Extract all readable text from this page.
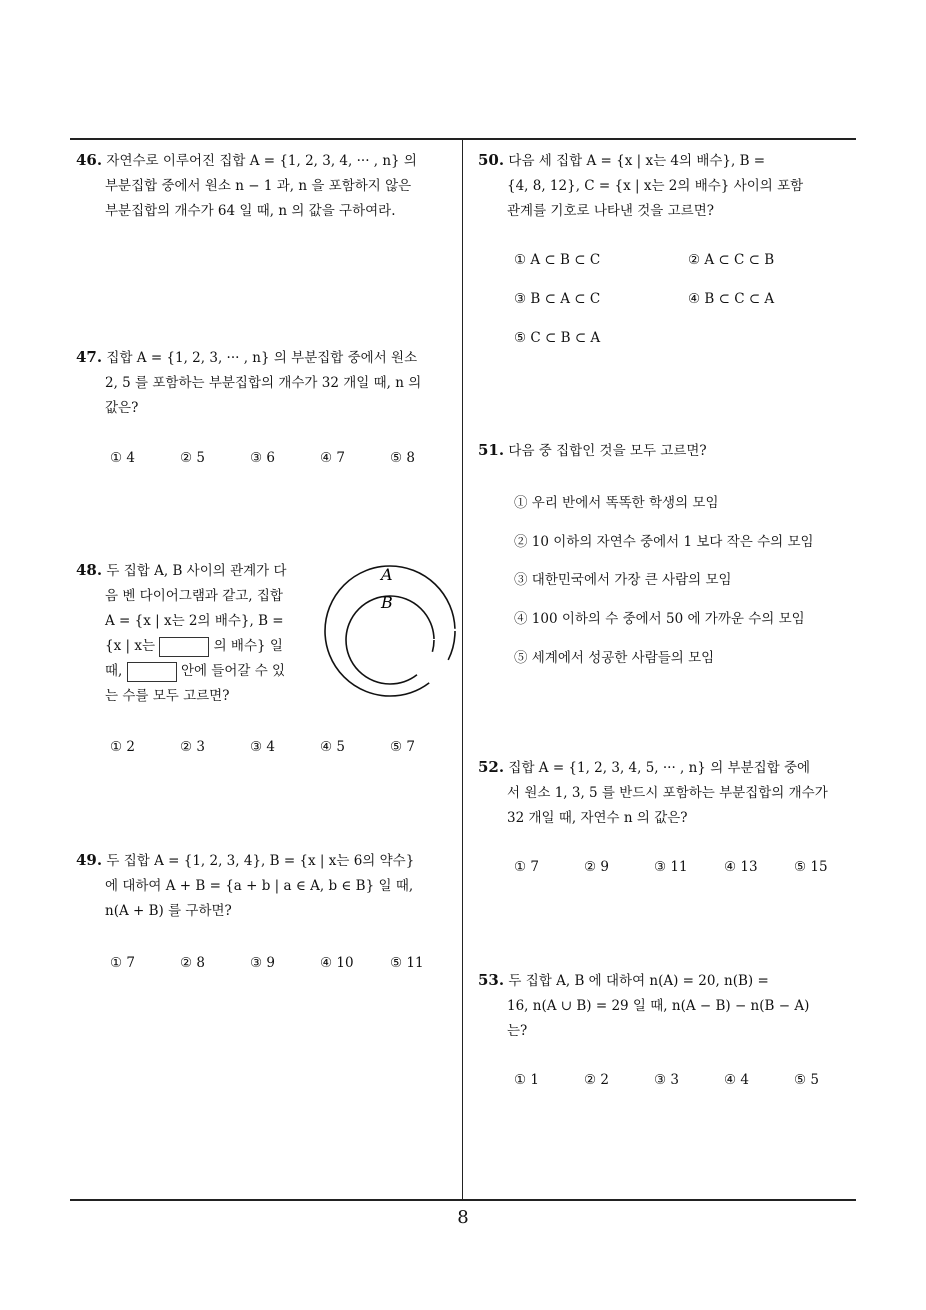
46. 자연수로 이루어진 집합 A = {1, 2, 3, 4, ··· , n} 의

부분집합 중에서 원소 n − 1 과, n 을 포함하지 않은

부분집합의 개수가 64 일 때, n 의 값을 구하여라.

47. 집합 A = {1, 2, 3, ··· , n} 의 부분집합 중에서 원소

2, 5 를 포함하는 부분집합의 개수가 32 개일 때, n 의

값은?

① 4	② 5	③ 6	④ 7	⑤ 8

48. 두 집합 A, B 사이의 관계가 다

음 벤 다이어그램과 같고, 집합

A = {x | x는 2의 배수}, B =

{x | x는	의 배수} 일

때,	안에 들어갈 수 있

는 수를 모두 고르면?

A
B
① 2	② 3	③ 4	④ 5	⑤ 7

49. 두 집합 A = {1, 2, 3, 4}, B = {x | x는 6의 약수}

에 대하여 A + B = {a + b | a ∈ A, b ∈ B} 일 때,

n(A + B) 를 구하면?

① 7	② 8	③ 9	④ 10	⑤ 11

50. 다음 세 집합 A = {x | x는 4의 배수}, B =

{4, 8, 12}, C = {x | x는 2의 배수} 사이의 포함

관계를 기호로 나타낸 것을 고르면?

① A ⊂ B ⊂ C	② A ⊂ C ⊂ B
③ B ⊂ A ⊂ C	④ B ⊂ C ⊂ A
⑤ C ⊂ B ⊂ A

51. 다음 중 집합인 것을 모두 고르면?

① 우리 반에서 똑똑한 학생의 모임
② 10 이하의 자연수 중에서 1 보다 작은 수의 모임
③ 대한민국에서 가장 큰 사람의 모임
④ 100 이하의 수 중에서 50 에 가까운 수의 모임
⑤ 세계에서 성공한 사람들의 모임

52. 집합 A = {1, 2, 3, 4, 5, ··· , n} 의 부분집합 중에

서 원소 1, 3, 5 를 반드시 포함하는 부분집합의 개수가

32 개일 때, 자연수 n 의 값은?

① 7	② 9	③ 11	④ 13	⑤ 15

53. 두 집합 A, B 에 대하여 n(A) = 20, n(B) =

16, n(A ∪ B) = 29 일 때, n(A − B) − n(B − A)

는?

① 1	② 2	③ 3	④ 4	⑤ 5
8
